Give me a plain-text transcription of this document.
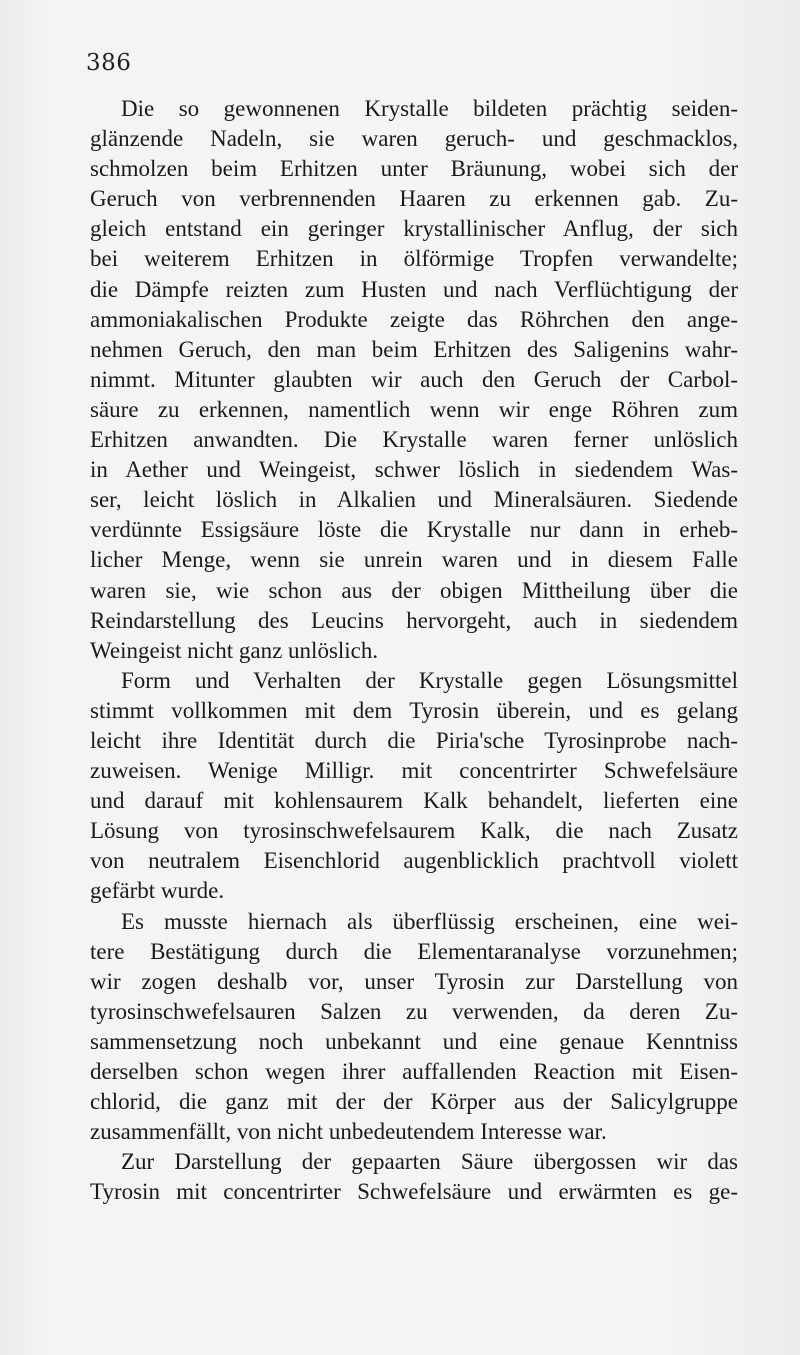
386
Die so gewonnenen Krystalle bildeten prächtig seiden-
glänzende Nadeln, sie waren geruch- und geschmacklos,
schmolzen beim Erhitzen unter Bräunung, wobei sich der
Geruch von verbrennenden Haaren zu erkennen gab. Zu-
gleich entstand ein geringer krystallinischer Anflug, der sich
bei weiterem Erhitzen in ölförmige Tropfen verwandelte;
die Dämpfe reizten zum Husten und nach Verflüchtigung der
ammoniakalischen Produkte zeigte das Röhrchen den ange-
nehmen Geruch, den man beim Erhitzen des Saligenins wahr-
nimmt. Mitunter glaubten wir auch den Geruch der Carbol-
säure zu erkennen, namentlich wenn wir enge Röhren zum
Erhitzen anwandten. Die Krystalle waren ferner unlöslich
in Aether und Weingeist, schwer löslich in siedendem Was-
ser, leicht löslich in Alkalien und Mineralsäuren. Siedende
verdünnte Essigsäure löste die Krystalle nur dann in erheb-
licher Menge, wenn sie unrein waren und in diesem Falle
waren sie, wie schon aus der obigen Mittheilung über die
Reindarstellung des Leucins hervorgeht, auch in siedendem
Weingeist nicht ganz unlöslich.
Form und Verhalten der Krystalle gegen Lösungsmittel
stimmt vollkommen mit dem Tyrosin überein, und es gelang
leicht ihre Identität durch die Piria'sche Tyrosinprobe nach-
zuweisen. Wenige Milligr. mit concentrirter Schwefelsäure
und darauf mit kohlensaurem Kalk behandelt, lieferten eine
Lösung von tyrosinschwefelsaurem Kalk, die nach Zusatz
von neutralem Eisenchlorid augenblicklich prachtvoll violett
gefärbt wurde.
Es musste hiernach als überflüssig erscheinen, eine wei-
tere Bestätigung durch die Elementaranalyse vorzunehmen;
wir zogen deshalb vor, unser Tyrosin zur Darstellung von
tyrosinschwefelsauren Salzen zu verwenden, da deren Zu-
sammensetzung noch unbekannt und eine genaue Kenntniss
derselben schon wegen ihrer auffallenden Reaction mit Eisen-
chlorid, die ganz mit der der Körper aus der Salicylgruppe
zusammenfällt, von nicht unbedeutendem Interesse war.
Zur Darstellung der gepaarten Säure übergossen wir das
Tyrosin mit concentrirter Schwefelsäure und erwärmten es ge-
